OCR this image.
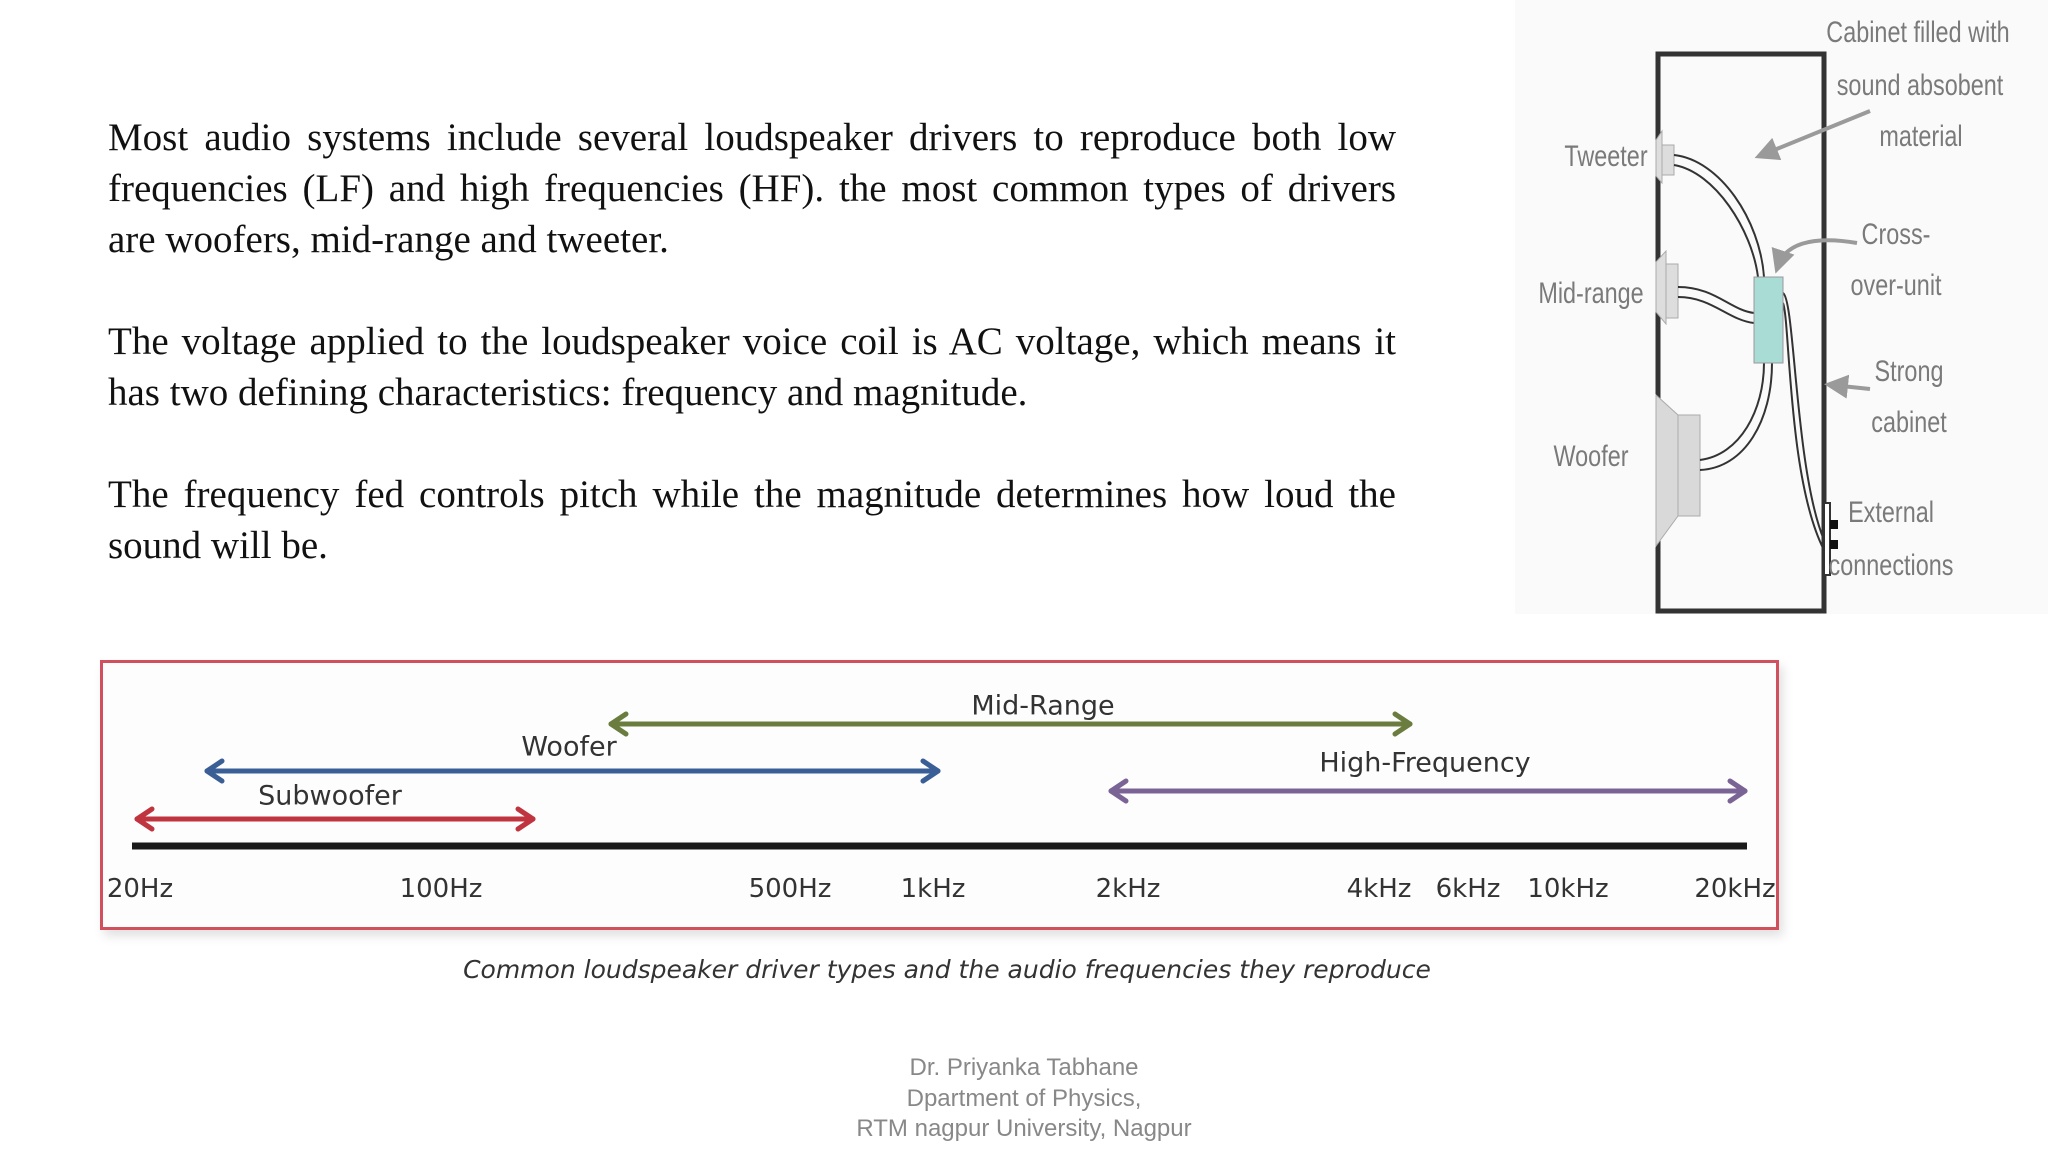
Most audio systems include several loudspeaker drivers to reproduce both low frequencies (LF) and high frequencies (HF). the most common types of drivers are woofers, mid-range and tweeter.

The voltage applied to the loudspeaker voice coil is AC voltage, which means it has two defining characteristics: frequency and magnitude.

The frequency fed controls pitch while the magnitude determines how loud the sound will be.

Tweeter
Mid-range
Woofer
Cabinet filled with
sound absobent
material
Cross-
over-unit
Strong
cabinet
External
connections
Subwoofer
Woofer
Mid-Range
High-Frequency
20Hz	100Hz	500Hz	1kHz	2kHz	4kHz 6kHz 10kHz	20kHz
Common loudspeaker driver types and the audio frequencies they reproduce
Dr. Priyanka Tabhane
Dpartment of Physics,
RTM nagpur University, Nagpur
